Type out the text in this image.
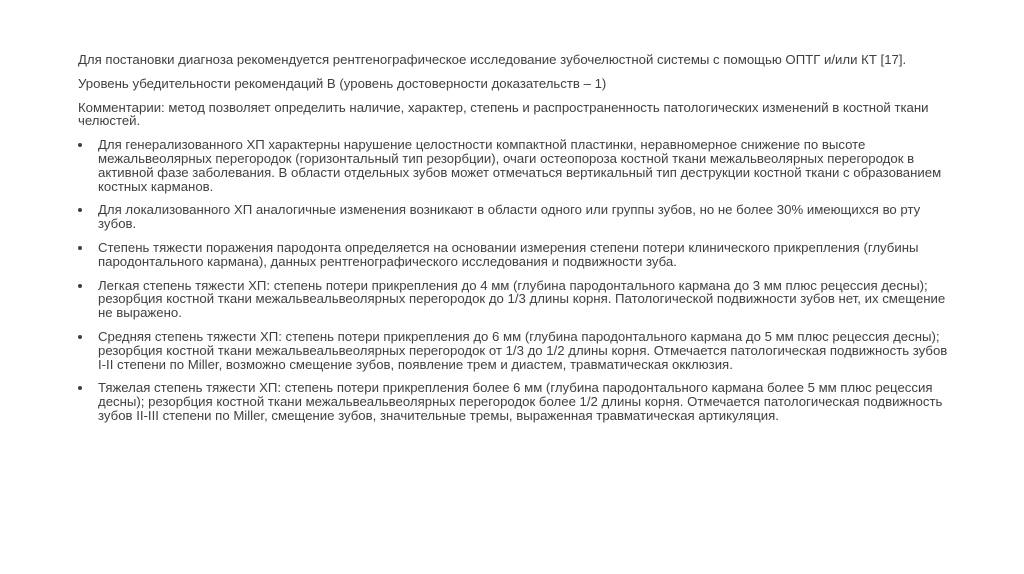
Для постановки диагноза рекомендуется рентгенографическое исследование зубочелюстной системы с помощью ОПТГ и/или КТ [17].

Уровень убедительности рекомендаций В (уровень достоверности доказательств – 1)

Комментарии: метод позволяет определить наличие, характер, степень и распространенность патологических изменений в костной ткани челюстей.

Для генерализованного ХП характерны нарушение целостности компактной пластинки, неравномерное снижение по высоте межальвеолярных перегородок (горизонтальный тип резорбции), очаги остеопороза костной ткани межальвеолярных перегородок в активной фазе заболевания. В области отдельных зубов может отмечаться вертикальный тип деструкции костной ткани с образованием костных карманов.
Для локализованного ХП аналогичные изменения возникают в области одного или группы зубов, но не более 30% имеющихся во рту зубов.
Степень тяжести поражения пародонта определяется на основании измерения степени потери клинического прикрепления (глубины пародонтального кармана), данных рентгенографического исследования и подвижности зуба.
Легкая степень тяжести ХП: степень потери прикрепления до 4 мм (глубина пародонтального кармана до 3 мм плюс рецессия десны); резорбция костной ткани межальвеальвеолярных перегородок до 1/3 длины корня. Патологической подвижности зубов нет, их смещение не выражено.
Средняя степень тяжести ХП: степень потери прикрепления до 6 мм (глубина пародонтального кармана до 5 мм плюс рецессия десны); резорбция костной ткани межальвеальвеолярных перегородок от 1/3 до 1/2 длины корня. Отмечается патологическая подвижность зубов I-II степени по Miller, возможно смещение зубов, появление трем и диастем, травматическая окклюзия.
Тяжелая степень тяжести ХП: степень потери прикрепления более 6 мм (глубина пародонтального кармана более 5 мм плюс рецессия десны); резорбция костной ткани межальвеальвеолярных перегородок более 1/2 длины корня. Отмечается патологическая подвижность зубов II-III степени по Miller, смещение зубов, значительные тремы, выраженная травматическая артикуляция.
